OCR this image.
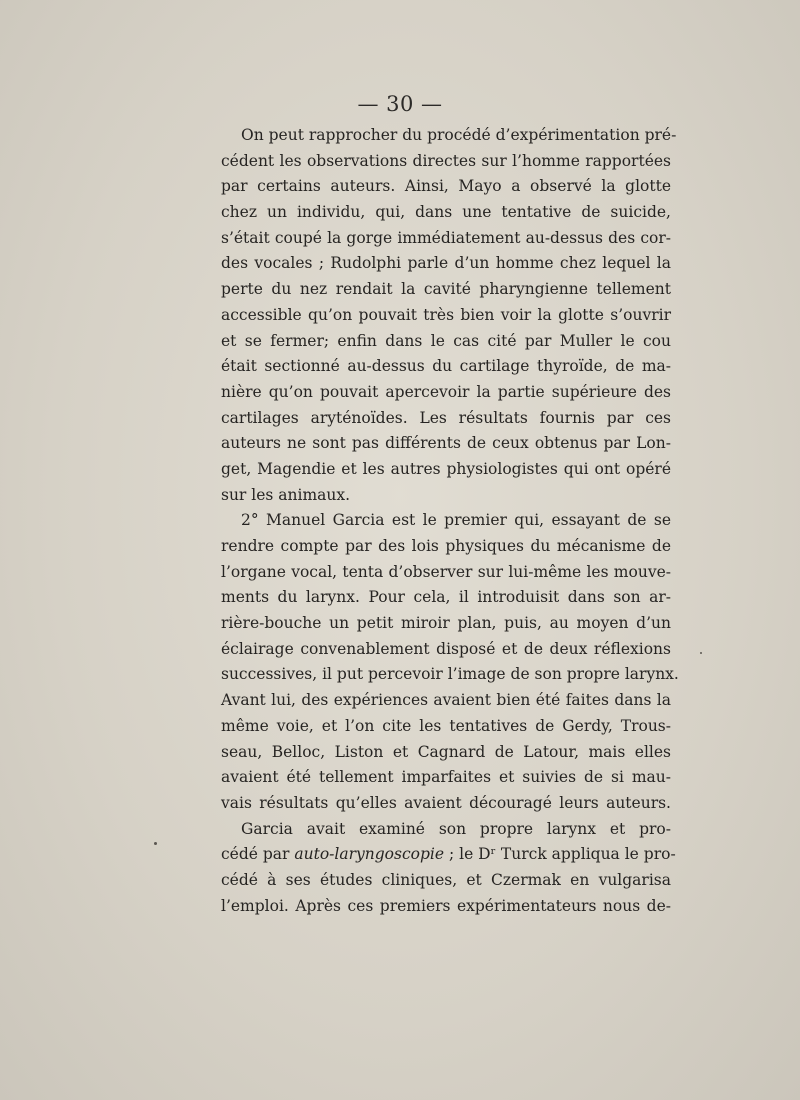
— 30 —
On peut rapprocher du procédé d’expérimentation pré-
cédent les observations directes sur l’homme rapportées
par certains auteurs. Ainsi, Mayo a observé la glotte
chez un individu, qui, dans une tentative de suicide,
s’était coupé la gorge immédiatement au-dessus des cor-
des vocales ; Rudolphi parle d’un homme chez lequel la
perte du nez rendait la cavité pharyngienne tellement
accessible qu’on pouvait très bien voir la glotte s’ouvrir
et se fermer; enfin dans le cas cité par Muller le cou
était sectionné au-dessus du cartilage thyroïde, de ma-
nière qu’on pouvait apercevoir la partie supérieure des
cartilages aryténoïdes. Les résultats fournis par ces
auteurs ne sont pas différents de ceux obtenus par Lon-
get, Magendie et les autres physiologistes qui ont opéré
sur les animaux.
2° Manuel Garcia est le premier qui, essayant de se
rendre compte par des lois physiques du mécanisme de
l’organe vocal, tenta d’observer sur lui-même les mouve-
ments du larynx. Pour cela, il introduisit dans son ar-
rière-bouche un petit miroir plan, puis, au moyen d’un
éclairage convenablement disposé et de deux réflexions
successives, il put percevoir l’image de son propre larynx.
Avant lui, des expériences avaient bien été faites dans la
même voie, et l’on cite les tentatives de Gerdy, Trous-
seau, Belloc, Liston et Cagnard de Latour, mais elles
avaient été tellement imparfaites et suivies de si mau-
vais résultats qu’elles avaient découragé leurs auteurs.
Garcia avait examiné son propre larynx et pro-
cédé par auto-laryngoscopie ; le Dʳ Turck appliqua le pro-
cédé à ses études cliniques, et Czermak en vulgarisa
l’emploi. Après ces premiers expérimentateurs nous de-
